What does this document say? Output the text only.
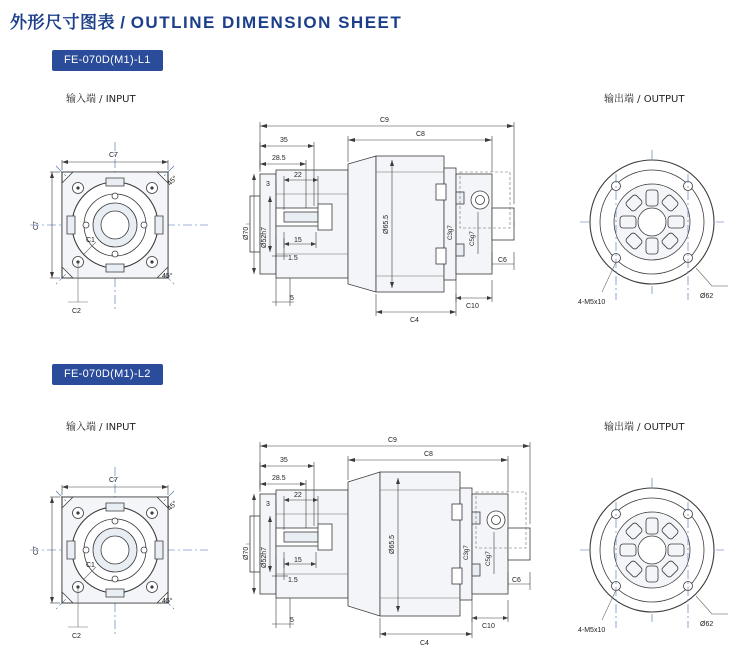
外形尺寸图表 / OUTLINE DIMENSION SHEET
FE-070D(M1)-L1
输入端 / INPUT	输出端 / OUTPUT
C7
C7
C1
C2
45°
45°
C9
C8
35
28.5
22
3
15
1.5
Ø70 Ø52h7
Ø65.5	C3g7 C5g7
C6
C10
C4
5	Ø62
4-M5x10
FE-070D(M1)-L2
输入端 / INPUT	输出端 / OUTPUT
C7
C7
C1
C2
45°
45°
C9
C8
35
28.5
22
3
15
1.5
Ø70 Ø52h7
Ø65.5	C3g7 C5g7
C6
C10
C4
5
Ø62
4-M5x10
